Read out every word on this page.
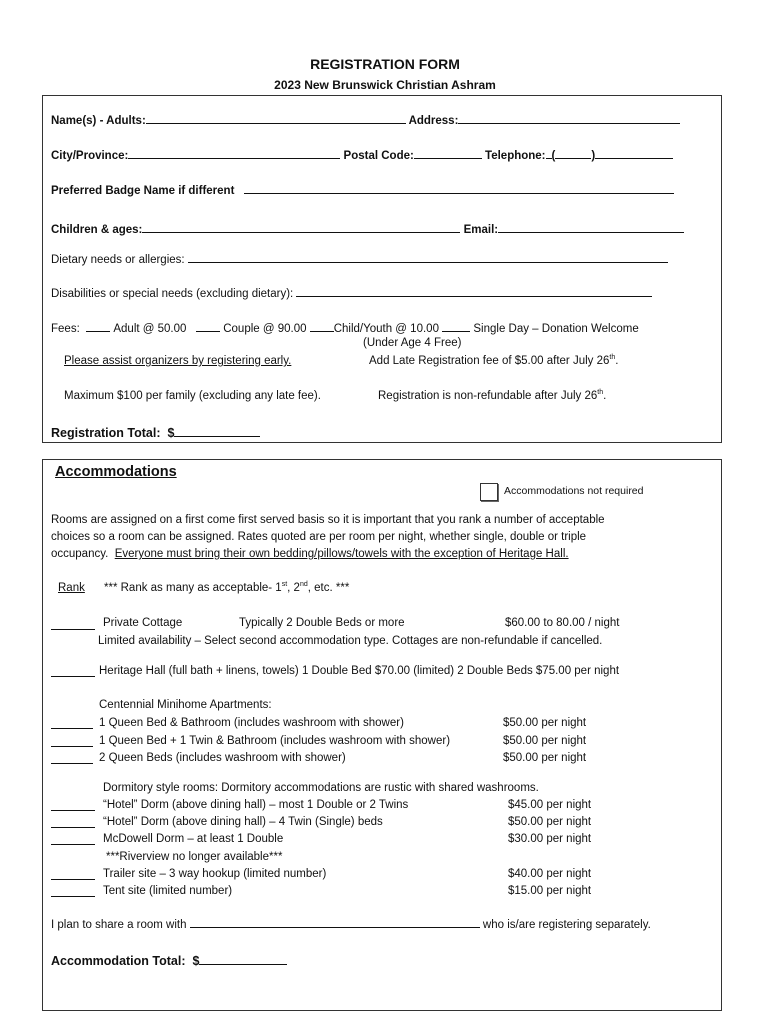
REGISTRATION FORM
2023 New Brunswick Christian Ashram
Name(s) - Adults:	Address:
City/Province:	Postal Code:	Telephone: (	)
Preferred Badge Name if different
Children & ages:	Email:
Dietary needs or allergies:
Disabilities or special needs (excluding dietary):
Fees:	Adult @ 50.00	Couple @ 90.00 Child/Youth @ 10.00	Single Day – Donation Welcome
(Under Age 4 Free)
Please assist organizers by registering early.	Add Late Registration fee of $5.00 after July 26th.
Maximum $100 per family (excluding any late fee).	Registration is non-refundable after July 26th.
Registration Total: $
Accommodations
Accommodations not required
Rooms are assigned on a first come first served basis so it is important that you rank a number of acceptable
choices so a room can be assigned. Rates quoted are per room per night, whether single, double or triple
occupancy.  Everyone must bring their own bedding/pillows/towels with the exception of Heritage Hall.
Rank *** Rank as many as acceptable- 1st, 2nd, etc. ***
Private Cottage	Typically 2 Double Beds or more	$60.00 to 80.00 / night
Limited availability – Select second accommodation type. Cottages are non-refundable if cancelled.
Heritage Hall (full bath + linens, towels) 1 Double Bed $70.00 (limited) 2 Double Beds $75.00 per night
Centennial Minihome Apartments:
1 Queen Bed & Bathroom (includes washroom with shower)	$50.00 per night
1 Queen Bed + 1 Twin & Bathroom (includes washroom with shower)	$50.00 per night
2 Queen Beds (includes washroom with shower)	$50.00 per night
Dormitory style rooms: Dormitory accommodations are rustic with shared washrooms.
“Hotel” Dorm (above dining hall) – most 1 Double or 2 Twins	$45.00 per night
“Hotel” Dorm (above dining hall) – 4 Twin (Single) beds	$50.00 per night
McDowell Dorm – at least 1 Double	$30.00 per night
***Riverview no longer available***
Trailer site – 3 way hookup (limited number)	$40.00 per night
Tent site (limited number)	$15.00 per night
I plan to share a room with	who is/are registering separately.
Accommodation Total: $
